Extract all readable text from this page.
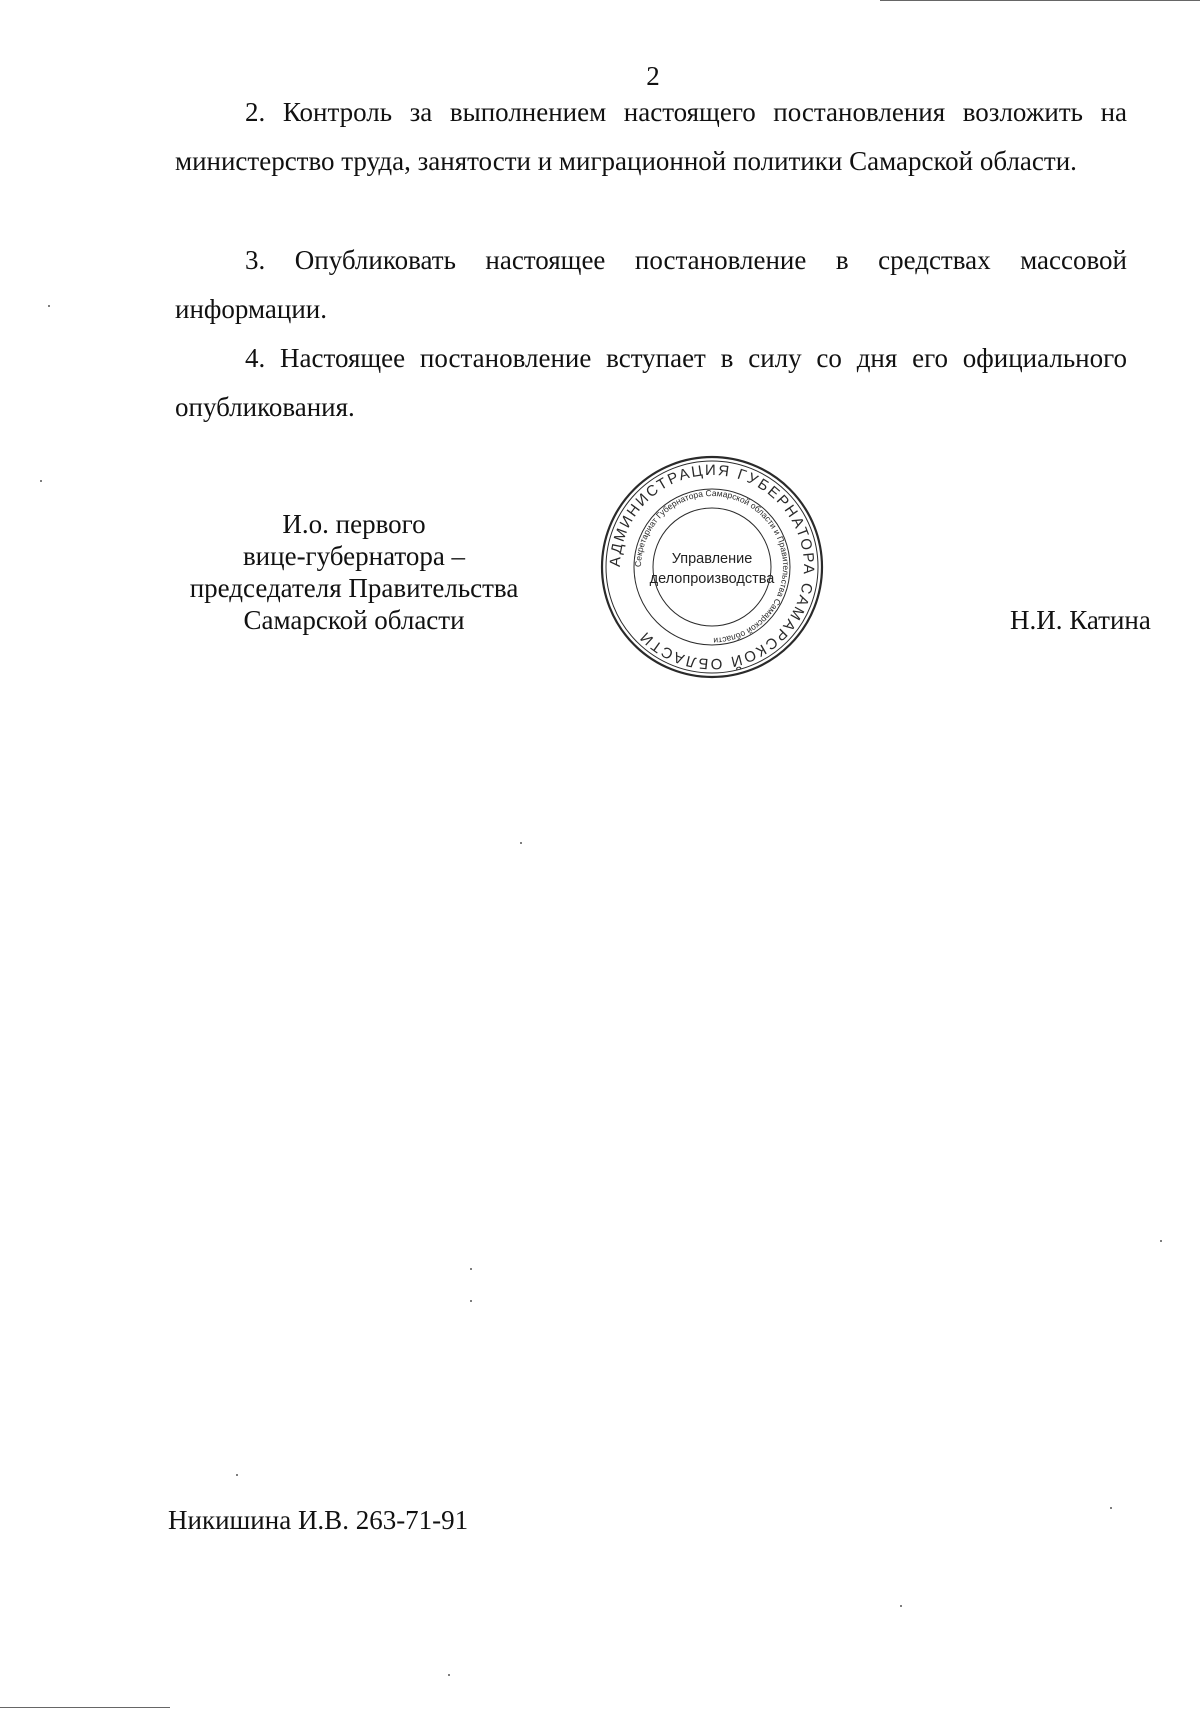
2

2. Контроль за выполнением настоящего постановления возложить на министерство труда, занятости и миграционной политики Самарской области.

3. Опубликовать настоящее постановление в средствах массовой информации.

4. Настоящее постановление вступает в силу со дня его официального опубликования.

И.о. первого
вице-губернатора –
председателя Правительства
Самарской области
АДМИНИСТРАЦИЯ ГУБЕРНАТОРА САМАРСКОЙ ОБЛАСТИ
Секретариат Губернатора Самарской области и Правительства Самарской области
Управление
делопроизводства
Н.И. Катина
Никишина И.В. 263-71-91
